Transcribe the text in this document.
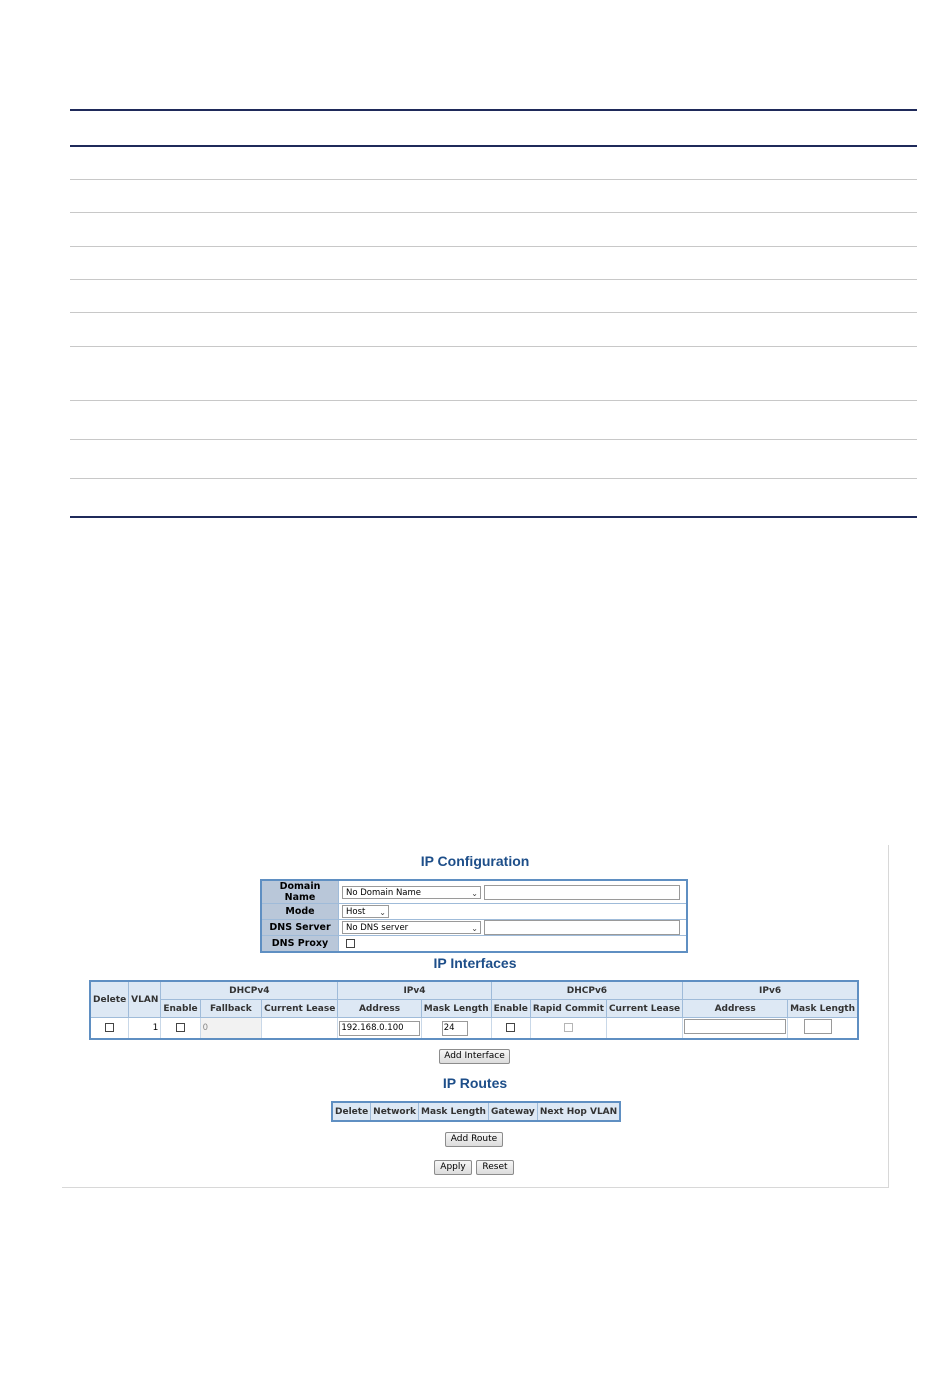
IP Configuration
Domain Name	No Domain Name ⌄

Mode	Host ⌄

DNS Server	No DNS server ⌄

DNS Proxy	
IP Interfaces
Delete	VLAN	DHCPv4			IPv4		DHCPv6			IPv6	
		Enable	Fallback	Current Lease	Address	Mask Length	Enable	Rapid Commit	Current Lease	Address	Mask Length
	1		0		192.168.0.100	24					
Add Interface
IP Routes
Delete	Network	Mask Length	Gateway	Next Hop VLAN
Add Route
Apply	Reset
